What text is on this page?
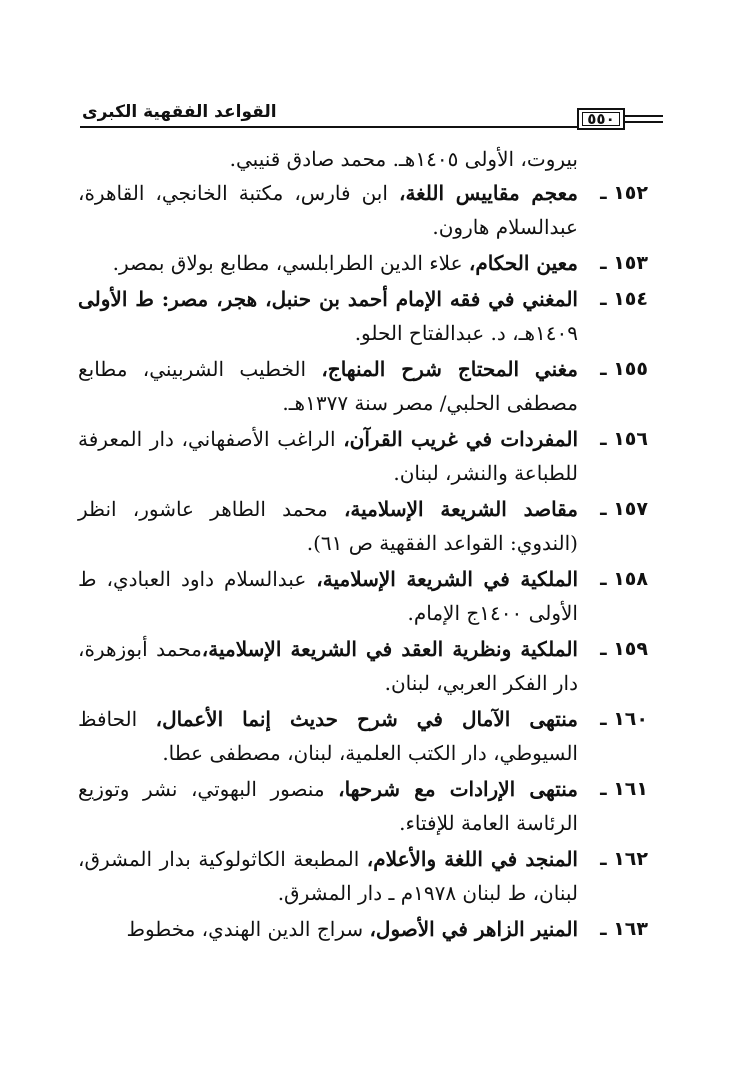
القواعد الفقهية الكبرى	٥٥٠
بيروت، الأولى ١٤٠٥هـ. محمد صادق قنيبي.
١٥٢ ـ
معجم مقاييس اللغة، ابن فارس، مكتبة الخانجي، القاهرة، عبدالسلام هارون.
١٥٣ ـ
معين الحكام، علاء الدين الطرابلسي، مطابع بولاق بمصر.
١٥٤ ـ
المغني في فقه الإمام أحمد بن حنبل، هجر، مصر: ط الأولى ١٤٠٩هـ، د. عبدالفتاح الحلو.
١٥٥ ـ
مغني المحتاج شرح المنهاج، الخطيب الشربيني، مطابع مصطفى الحلبي/ مصر سنة ١٣٧٧هـ.
١٥٦ ـ
المفردات في غريب القرآن، الراغب الأصفهاني، دار المعرفة للطباعة والنشر، لبنان.
١٥٧ ـ
مقاصد الشريعة الإسلامية، محمد الطاهر عاشور، انظر (الندوي: القواعد الفقهية ص ٦١).
١٥٨ ـ
الملكية في الشريعة الإسلامية، عبدالسلام داود العبادي، ط الأولى ١٤٠٠ج الإمام.
١٥٩ ـ
الملكية ونظرية العقد في الشريعة الإسلامية،محمد أبوزهرة، دار الفكر العربي، لبنان.
١٦٠ ـ
منتهى الآمال في شرح حديث إنما الأعمال، الحافظ السيوطي، دار الكتب العلمية، لبنان، مصطفى عطا.
١٦١ ـ
منتهى الإرادات مع شرحها، منصور البهوتي، نشر وتوزيع الرئاسة العامة للإفتاء.
١٦٢ ـ
المنجد في اللغة والأعلام، المطبعة الكاثولوكية بدار المشرق، لبنان، ط لبنان ١٩٧٨م ـ دار المشرق.
١٦٣ ـ
المنير الزاهر في الأصول، سراج الدين الهندي، مخطوط
